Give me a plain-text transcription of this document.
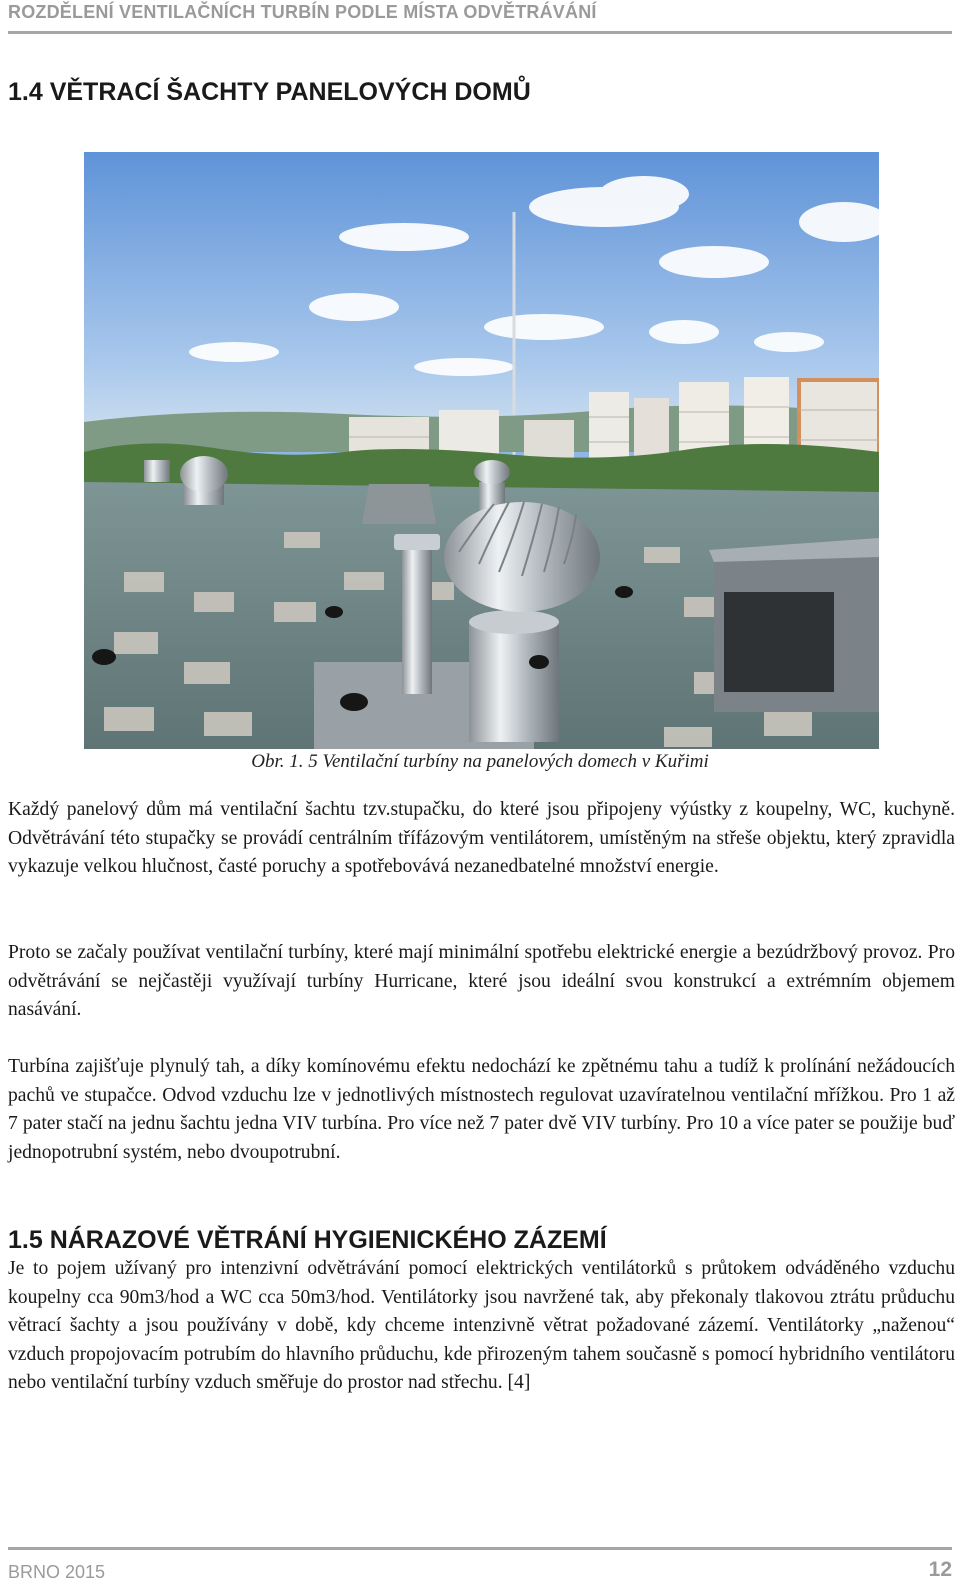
ROZDĚLENÍ VENTILAČNÍCH TURBÍN PODLE MÍSTA ODVĚTRÁVÁNÍ
1.4 VĚTRACÍ ŠACHTY PANELOVÝCH DOMŮ
Obr. 1. 5 Ventilační turbíny na panelových domech v Kuřimi

Každý panelový dům má ventilační šachtu tzv.stupačku, do které jsou připojeny výústky z koupelny, WC, kuchyně. Odvětrávání této stupačky se provádí centrálním třífázovým ventilátorem, umístěným na střeše objektu, který zpravidla vykazuje velkou hlučnost, časté poruchy a spotřebovává nezanedbatelné množství energie.

Proto se začaly používat ventilační turbíny, které mají minimální spotřebu elektrické energie a bezúdržbový provoz. Pro odvětrávání se nejčastěji využívají turbíny Hurricane, které jsou ideální svou konstrukcí a extrémním objemem nasávání.

Turbína zajišťuje plynulý tah, a díky komínovému efektu nedochází ke zpětnému tahu a tudíž k prolínání nežádoucích pachů ve stupačce. Odvod vzduchu lze v jednotlivých místnostech regulovat uzavíratelnou ventilační mřížkou. Pro 1 až 7 pater stačí na jednu šachtu jedna VIV turbína. Pro více než 7 pater dvě VIV turbíny. Pro 10 a více pater se použije buď jednopotrubní systém, nebo dvoupotrubní.

1.5 NÁRAZOVÉ VĚTRÁNÍ HYGIENICKÉHO ZÁZEMÍ

Je to pojem užívaný pro intenzivní odvětrávání pomocí elektrických ventilátorků s průtokem odváděného vzduchu koupelny cca 90m3/hod a WC cca 50m3/hod. Ventilátorky jsou navržené tak, aby překonaly tlakovou ztrátu průduchu větrací šachty a jsou používány v době, kdy chceme intenzivně větrat požadované zázemí. Ventilátorky „naženou“ vzduch propojovacím potrubím do hlavního průduchu, kde přirozeným tahem současně s pomocí hybridního ventilátoru nebo ventilační turbíny vzduch směřuje do prostor nad střechu. [4]

BRNO 2015	12
